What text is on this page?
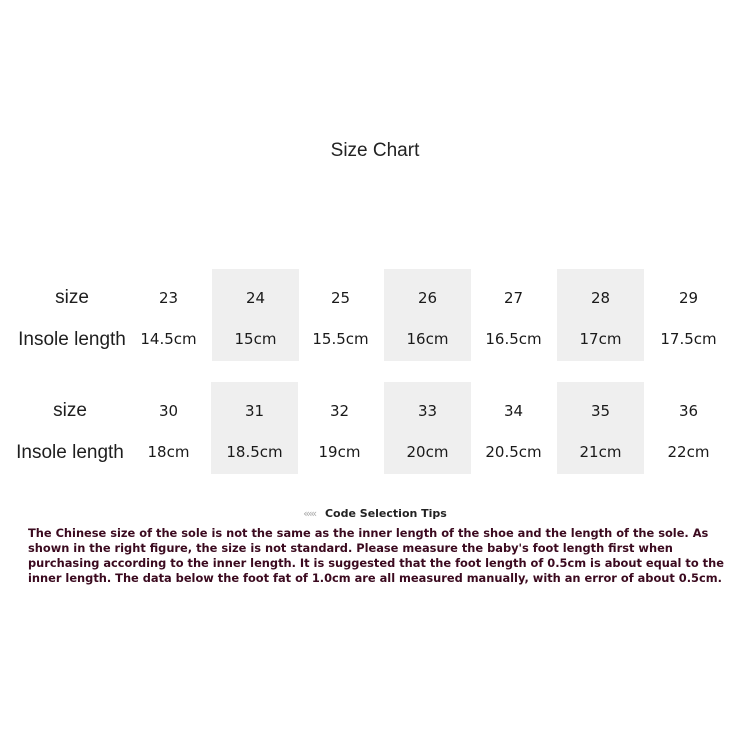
Size Chart
size
Insole length
23
14.5cm
24
15cm
25
15.5cm
26
16cm
27
16.5cm
28
17cm
29
17.5cm
size
Insole length
30
18cm
31
18.5cm
32
19cm
33
20cm
34
20.5cm
35
21cm
36
22cm
‹‹‹‹‹ Code Selection Tips

The Chinese size of the sole is not the same as the inner length of the shoe and the length of the sole. As shown in the right figure, the size is not standard. Please measure the baby's foot length first when purchasing according to the inner length. It is suggested that the foot length of 0.5cm is about equal to the inner length. The data below the foot fat of 1.0cm are all measured manually, with an error of about 0.5cm.
